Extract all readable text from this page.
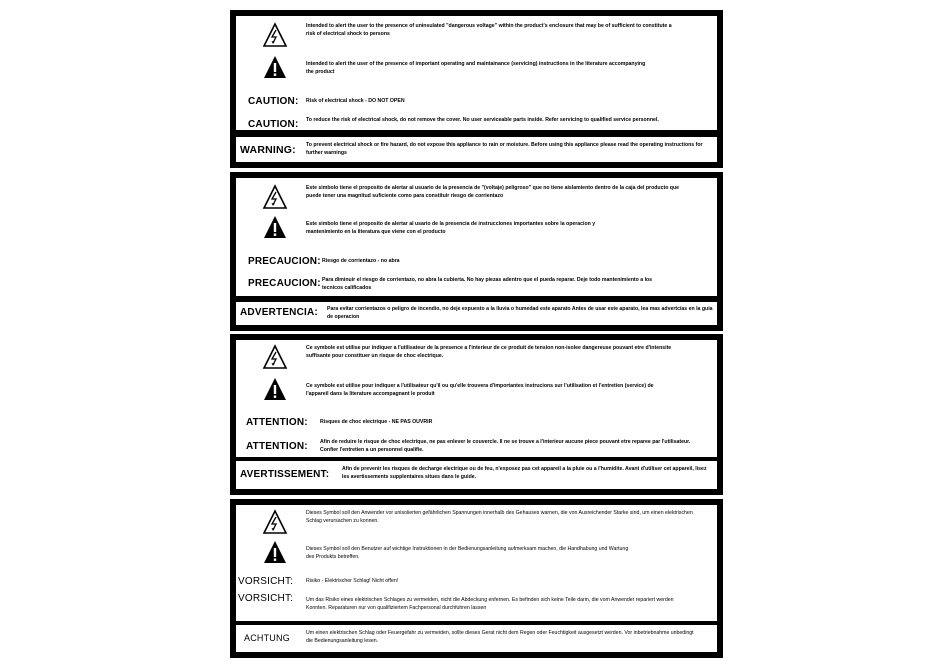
Intended to alert the user to the presence of uninsulated "dangerous voltage" within the product's enclosure that may be of sufficient to constitute a risk of electrical shock to persons
Intended to alert the user of the presence of important operating and maintainance (servicing) instructions in the literature accompanying the product
CAUTION: Risk of electrical shock - DO NOT OPEN
CAUTION: To reduce the risk of electrical shock, do not remove the cover. No user serviceable parts inside. Refer servicing to qualified service personnel.
WARNING: To prevent electrical shock or fire hazard, do not expose this appliance to rain or moisture. Before using this appliance please read the operating instructions for further warnings
Este simbolo tiene el proposito de alertar al usuario de la presencia de "(voltaje) peligroso" que no tiene aislamiento dentro de la caja del producto que puede tener una magnitud suficiente como para constituir riesgo de corrientazo
Este simbolo tiene el proposito de alertar al usario de la presencia de instrucciones importantes sobre la operacion y mantenimiento en la literatura que viene con el producto
PRECAUCION: Riesgo de corrientazo - no abra
PRECAUCION: Para diminuir el riesgo de corrientazo, no abra la cubierta. No hay piezas adentro que el pueda reparar. Deje todo mantenimiento a los tecnicos calificados
ADVERTENCIA: Para evitar corrientazos o peligro de incendio, no deje expuesto a la lluvia o humedad este aparato Antes de usar este aparato, lea mas advertcias en la guia de operacion
Ce symbole est utilise pur indiquer a l'utilisateur de la presence a l'interieur de ce produit de tension non-isolee dangereuse pouvant etre d'intensite suffisante pour constituer un risque de choc electrique.
Ce symbole est utilise pour indiquer a l'utilisateur qu'il ou qu'elle trouvera d'importantes instrucions sur l'utilisation et l'entretien (service) de l'appareil dans la literature accompagnant le produit
ATTENTION: Risques de choc electrique - NE PAS OUVRIR
ATTENTION: Afin de reduire le risque de choc electrique, ne pas enlever le couvercle. Il ne se trouve a l'interieur aucune piece pouvant etre reparee par l'utilisateur. Confier l'entretien a un personnel qualifie.
AVERTISSEMENT: Afin de prevenir les risques de decharge electrique ou de feu, n'exposez pas cet appareil a la pluie ou a l'humidite. Avant d'utiliser cet appareil, lisez les avertissements supplentaires situes dans le guide.
Dieses Symbol soll den Anwender vor unisolierten gefährlichen Spannungen innerhalb des Gehauses warnen, die von Ausreichender Starke sind, um einen elektrischen Schlag verursachen zu konnen.
Dieses Symbol soll den Benutzer auf wichtige Instruktionen in der Bedienungsanleitung aufmerksam machen, die Handhabung und Wartung des Produkts betreffen.
VORSICHT: Risiko - Elektrischer Schlag! Nicht offen!
VORSICHT: Um das Risiko eines elektrischen Schlages zu vermeiden, nicht die Abdeckung enfernen. Es befinden sich keine Teile darin, die vom Anwender repariert werden Konnten. Reparaturen nur von qualifiziertem Fachpersonal durchfuhren lassen
ACHTUNG	Um einen elektrischen Schlag oder Feuergefahr zu vermeiden, sollte dieses Gerat nicht dem Regen oder Feuchtigkeit ausgesetzt werden. Vor inbetriebnahme unbedingt die Bedienungsanleitung lesen.
